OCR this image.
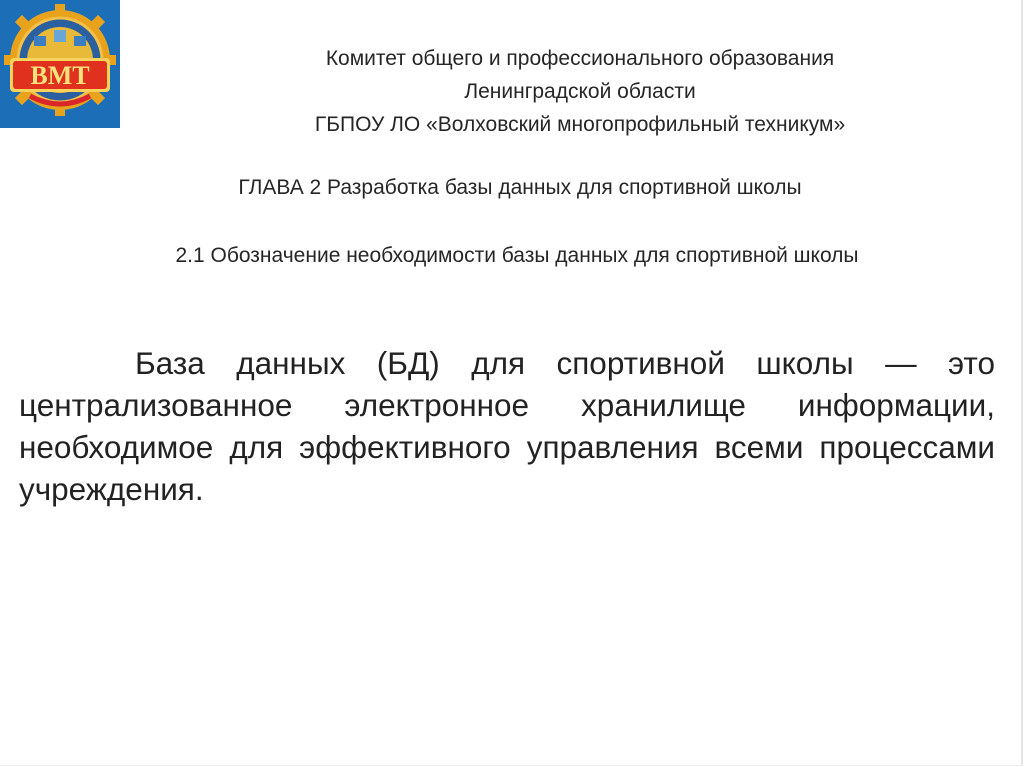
ВМТ
Комитет общего и профессионального образования
Ленинградской области
ГБПОУ ЛО «Волховский многопрофильный техникум»
ГЛАВА 2 Разработка базы данных для спортивной школы
2.1 Обозначение необходимости базы данных для спортивной школы
База данных (БД) для спортивной школы — это централизованное электронное хранилище информации, необходимое для эффективного управления всеми процессами учреждения.
